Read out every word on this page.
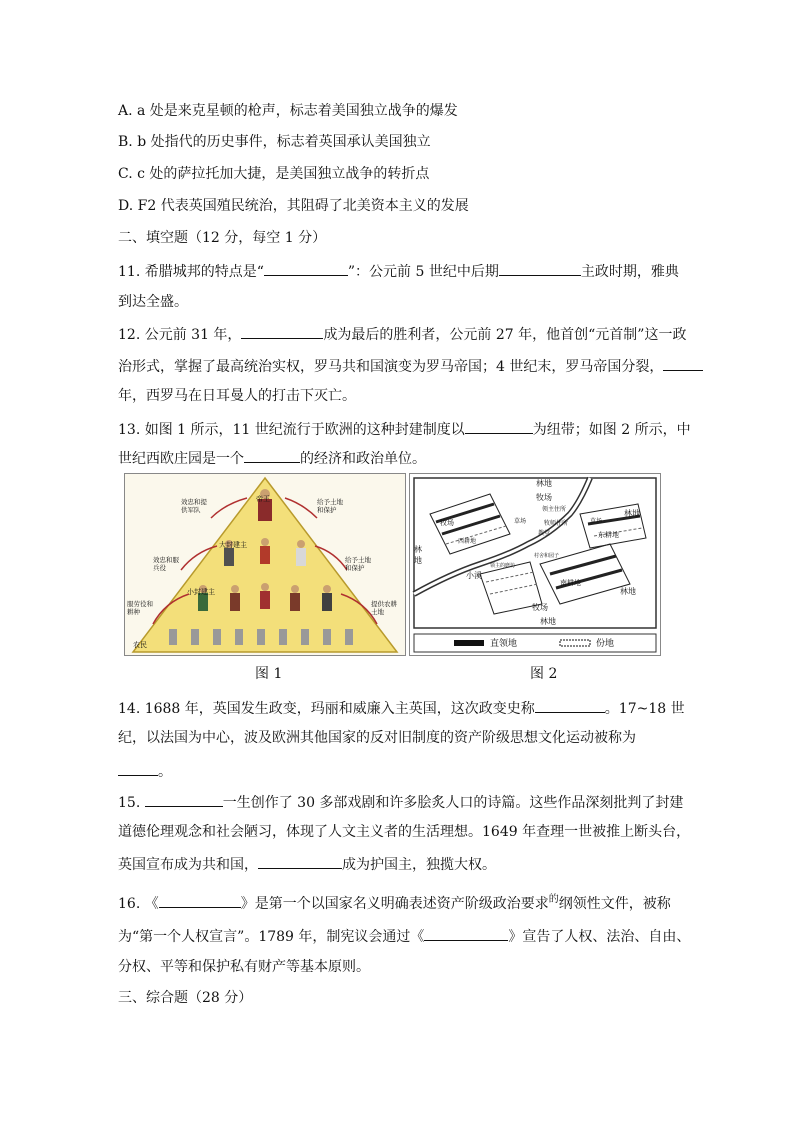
A. a 处是来克星顿的枪声，标志着美国独立战争的爆发
B. b 处指代的历史事件，标志着英国承认美国独立
C. c 处的萨拉托加大捷，是美国独立战争的转折点
D. F2 代表英国殖民统治，其阻碍了北美资本主义的发展
二、填空题（12 分，每空 1 分）
11. 希腊城邦的特点是“	”：公元前 5 世纪中后期	主政时期，雅典
到达全盛。
12. 公元前 31 年，	成为最后的胜利者，公元前 27 年，他首创“元首制”这一政
治形式，掌握了最高统治实权，罗马共和国演变为罗马帝国；4 世纪末，罗马帝国分裂，
年，西罗马在日耳曼人的打击下灭亡。
13. 如图 1 所示，11 世纪流行于欧洲的这种封建制度以	为纽带；如图 2 所示，中
世纪西欧庄园是一个	的经济和政治单位。
帝王
大封建主
小封建主
农民
效忠和提供军队
效忠和服兵役
服劳役和耕种
给予土地和保护
给予土地和保护
提供农耕土地
图 1
林地
牧场
领主住所
牧师住所
教堂
草场	草场
东耕地
林地
牧场
林地
小溪
西耕地
领主的磨坊
村舍和园子
南耕地
牧场
林地
林地
直领地	份地
图 2
14. 1688 年，英国发生政变，玛丽和威廉入主英国，这次政变史称	。17~18 世
纪，以法国为中心，波及欧洲其他国家的反对旧制度的资产阶级思想文化运动被称为
。
15.	一生创作了 30 多部戏剧和许多脍炙人口的诗篇。这些作品深刻批判了封建
道德伦理观念和社会陋习，体现了人文主义者的生活理想。1649 年查理一世被推上断头台，
英国宣布成为共和国，	成为护国主，独揽大权。
16. 《	》是第一个以国家名义明确表述资产阶级政治要求$^的$纲领性文件，被称
为“第一个人权宣言”。1789 年，制宪议会通过《	》宣告了人权、法治、自由、
分权、平等和保护私有财产等基本原则。
三、综合题（28 分）
